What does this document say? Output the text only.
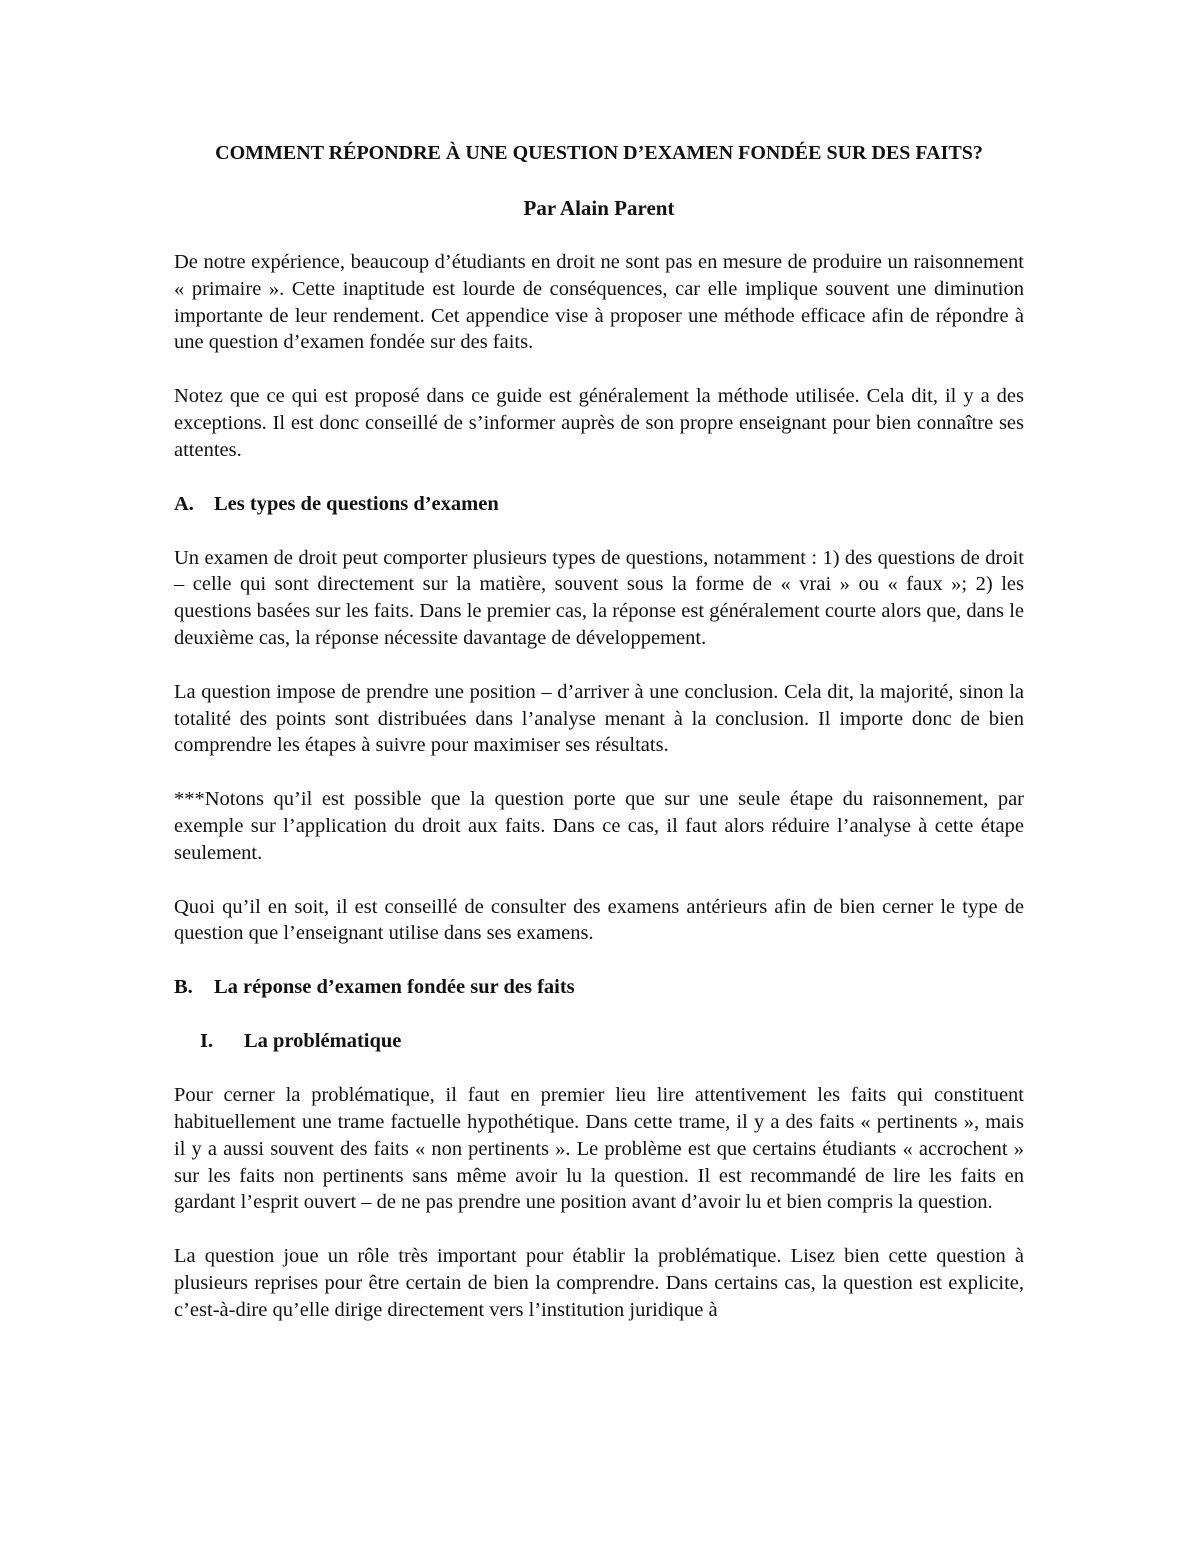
COMMENT RÉPONDRE À UNE QUESTION D’EXAMEN FONDÉE SUR DES FAITS?
Par Alain Parent

De notre expérience, beaucoup d’étudiants en droit ne sont pas en mesure de produire un raisonnement « primaire ». Cette inaptitude est lourde de conséquences, car elle implique souvent une diminution importante de leur rendement. Cet appendice vise à proposer une méthode efficace afin de répondre à une question d’examen fondée sur des faits.

Notez que ce qui est proposé dans ce guide est généralement la méthode utilisée. Cela dit, il y a des exceptions. Il est donc conseillé de s’informer auprès de son propre enseignant pour bien connaître ses attentes.

A. Les types de questions d’examen

Un examen de droit peut comporter plusieurs types de questions, notamment : 1) des questions de droit – celle qui sont directement sur la matière, souvent sous la forme de « vrai » ou « faux »; 2) les questions basées sur les faits. Dans le premier cas, la réponse est généralement courte alors que, dans le deuxième cas, la réponse nécessite davantage de développement.

La question impose de prendre une position – d’arriver à une conclusion. Cela dit, la majorité, sinon la totalité des points sont distribuées dans l’analyse menant à la conclusion. Il importe donc de bien comprendre les étapes à suivre pour maximiser ses résultats.

***Notons qu’il est possible que la question porte que sur une seule étape du raisonnement, par exemple sur l’application du droit aux faits. Dans ce cas, il faut alors réduire l’analyse à cette étape seulement.

Quoi qu’il en soit, il est conseillé de consulter des examens antérieurs afin de bien cerner le type de question que l’enseignant utilise dans ses examens.

B. La réponse d’examen fondée sur des faits
I. La problématique

Pour cerner la problématique, il faut en premier lieu lire attentivement les faits qui constituent habituellement une trame factuelle hypothétique. Dans cette trame, il y a des faits « pertinents », mais il y a aussi souvent des faits « non pertinents ». Le problème est que certains étudiants « accrochent » sur les faits non pertinents sans même avoir lu la question. Il est recommandé de lire les faits en gardant l’esprit ouvert – de ne pas prendre une position avant d’avoir lu et bien compris la question.

La question joue un rôle très important pour établir la problématique. Lisez bien cette question à plusieurs reprises pour être certain de bien la comprendre. Dans certains cas, la question est explicite, c’est-à-dire qu’elle dirige directement vers l’institution juridique à
